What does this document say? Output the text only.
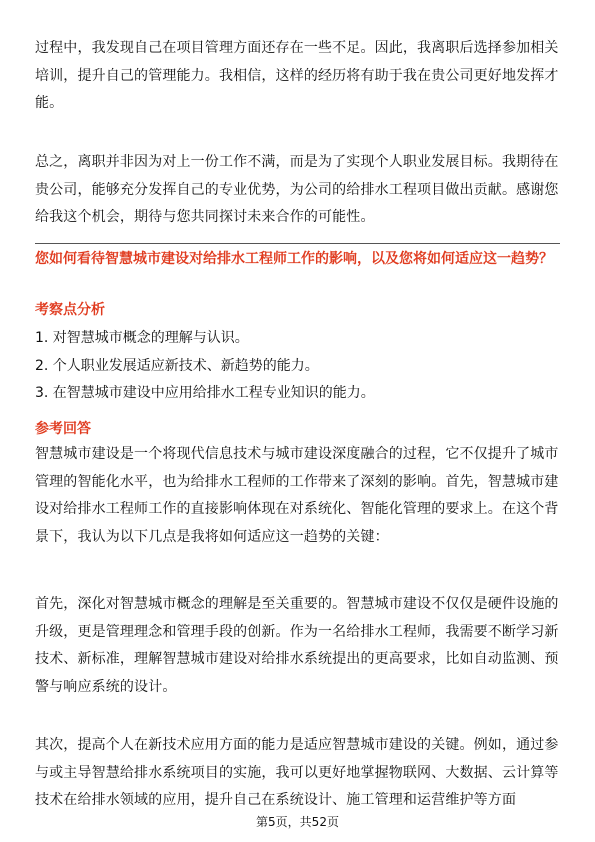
过程中，我发现自己在项目管理方面还存在一些不足。因此，我离职后选择参加相关培训，提升自己的管理能力。我相信，这样的经历将有助于我在贵公司更好地发挥才能。

总之，离职并非因为对上一份工作不满，而是为了实现个人职业发展目标。我期待在贵公司，能够充分发挥自己的专业优势，为公司的给排水工程项目做出贡献。感谢您给我这个机会，期待与您共同探讨未来合作的可能性。

您如何看待智慧城市建设对给排水工程师工作的影响，以及您将如何适应这一趋势？

考察点分析

1. 对智慧城市概念的理解与认识。
2. 个人职业发展适应新技术、新趋势的能力。
3. 在智慧城市建设中应用给排水工程专业知识的能力。

参考回答

智慧城市建设是一个将现代信息技术与城市建设深度融合的过程，它不仅提升了城市管理的智能化水平，也为给排水工程师的工作带来了深刻的影响。首先，智慧城市建设对给排水工程师工作的直接影响体现在对系统化、智能化管理的要求上。在这个背景下，我认为以下几点是我将如何适应这一趋势的关键：

首先，深化对智慧城市概念的理解是至关重要的。智慧城市建设不仅仅是硬件设施的升级，更是管理理念和管理手段的创新。作为一名给排水工程师，我需要不断学习新技术、新标准，理解智慧城市建设对给排水系统提出的更高要求，比如自动监测、预警与响应系统的设计。

其次，提高个人在新技术应用方面的能力是适应智慧城市建设的关键。例如，通过参与或主导智慧给排水系统项目的实施，我可以更好地掌握物联网、大数据、云计算等技术在给排水领域的应用，提升自己在系统设计、施工管理和运营维护等方面

第5页，共52页
